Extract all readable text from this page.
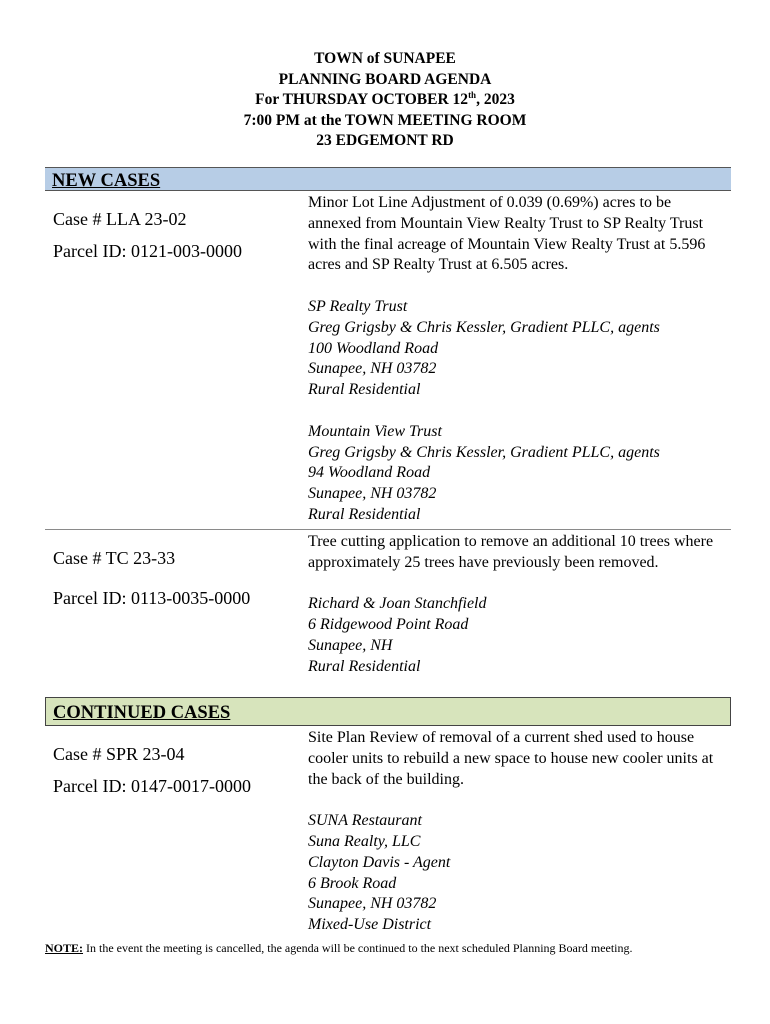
TOWN of SUNAPEE
PLANNING BOARD AGENDA
For THURSDAY OCTOBER 12th, 2023
7:00 PM at the TOWN MEETING ROOM
23 EDGEMONT RD
NEW CASES
Case # LLA 23-02
Parcel ID: 0121-003-0000

Minor Lot Line Adjustment of 0.039 (0.69%) acres to be annexed from Mountain View Realty Trust to SP Realty Trust with the final acreage of Mountain View Realty Trust at 5.596 acres and SP Realty Trust at 6.505 acres.

SP Realty Trust
Greg Grigsby & Chris Kessler, Gradient PLLC, agents
100 Woodland Road
Sunapee, NH 03782
Rural Residential

Mountain View Trust
Greg Grigsby & Chris Kessler, Gradient PLLC, agents
94 Woodland Road
Sunapee, NH 03782
Rural Residential

Case # TC 23-33
Parcel ID: 0113-0035-0000

Tree cutting application to remove an additional 10 trees where approximately 25 trees have previously been removed.

Richard & Joan Stanchfield
6 Ridgewood Point Road
Sunapee, NH
Rural Residential

CONTINUED CASES
Case # SPR 23-04
Parcel ID: 0147-0017-0000

Site Plan Review of removal of a current shed used to house cooler units to rebuild a new space to house new cooler units at the back of the building.

SUNA Restaurant
Suna Realty, LLC
Clayton Davis - Agent
6 Brook Road
Sunapee, NH 03782
Mixed-Use District

NOTE: In the event the meeting is cancelled, the agenda will be continued to the next scheduled Planning Board meeting.
